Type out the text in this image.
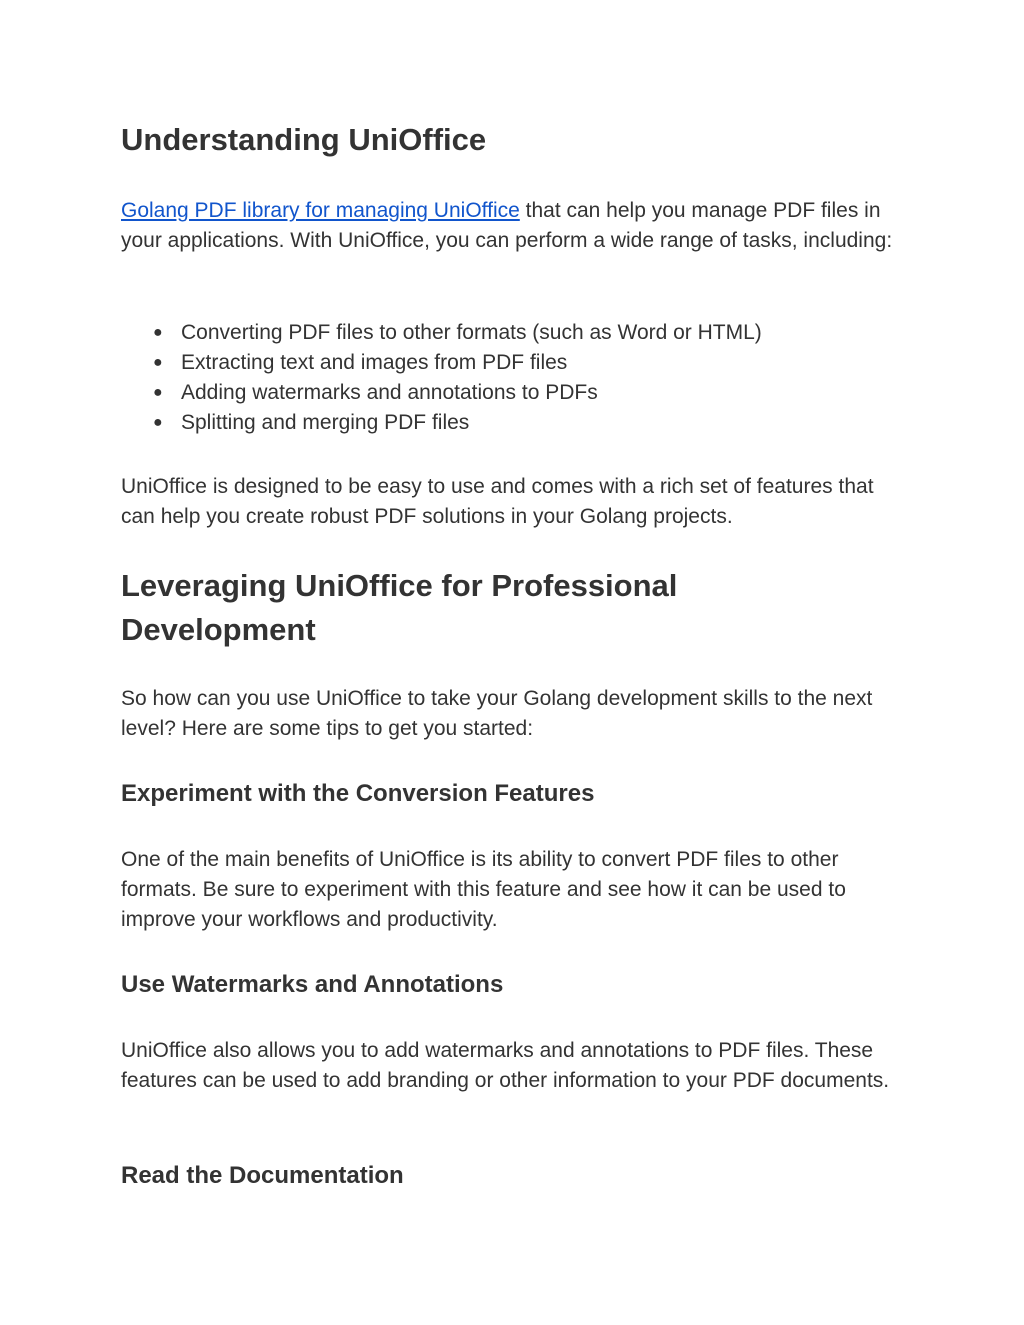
Understanding UniOffice

Golang PDF library for managing UniOffice that can help you manage PDF files in your applications. With UniOffice, you can perform a wide range of tasks, including:

● Converting PDF files to other formats (such as Word or HTML)
● Extracting text and images from PDF files
● Adding watermarks and annotations to PDFs
● Splitting and merging PDF files

UniOffice is designed to be easy to use and comes with a rich set of features that can help you create robust PDF solutions in your Golang projects.

Leveraging UniOffice for Professional
Development

So how can you use UniOffice to take your Golang development skills to the next level? Here are some tips to get you started:

Experiment with the Conversion Features

One of the main benefits of UniOffice is its ability to convert PDF files to other formats. Be sure to experiment with this feature and see how it can be used to improve your workflows and productivity.

Use Watermarks and Annotations

UniOffice also allows you to add watermarks and annotations to PDF files. These features can be used to add branding or other information to your PDF documents.

Read the Documentation
